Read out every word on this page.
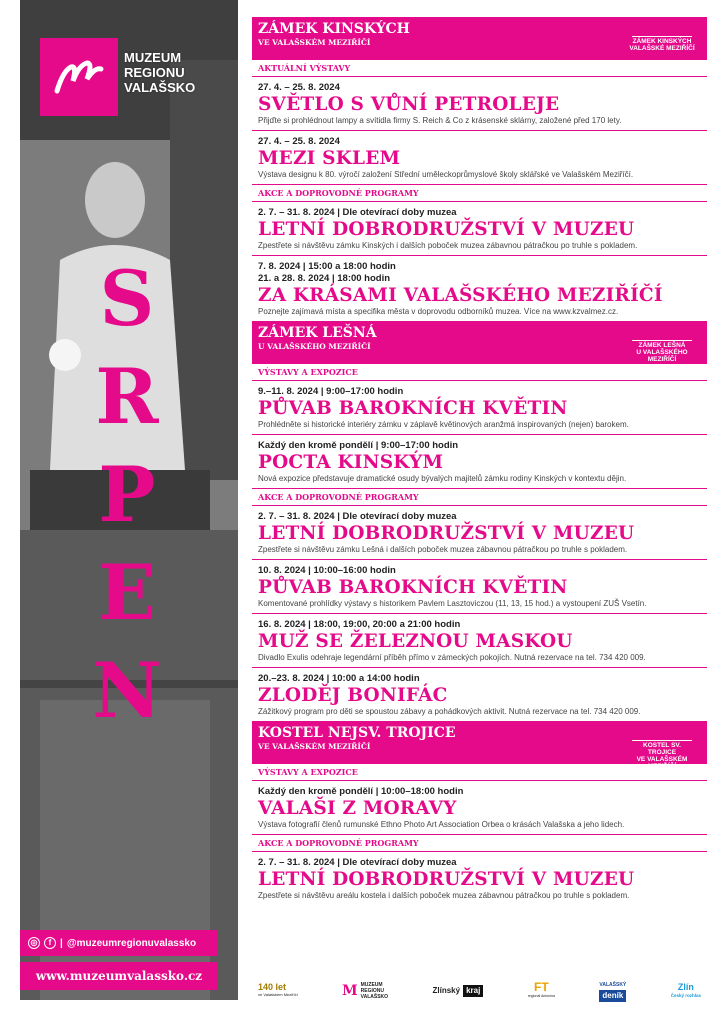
MUZEUM
REGIONU
VALAŠSKO
S
R
P
E
N
◎	f | @muzeumregionuvalassko
www.muzeumvalassko.cz
ZÁMEK KINSKÝCH
VE VALAŠSKÉM MEZIŘÍČÍ	ZÁMEK KINSKÝCH
VALAŠSKÉ MEZIŘÍČÍ
AKTUÁLNÍ VÝSTAVY
27. 4. – 25. 8. 2024
SVĚTLO S VŮNÍ PETROLEJE
Přijďte si prohlédnout lampy a svítidla firmy S. Reich & Co z krásenské sklárny, založené před 170 lety.
27. 4. – 25. 8. 2024
MEZI SKLEM
Výstava designu k 80. výročí založení Střední uměleckoprůmyslové školy sklářské ve Valašském Meziříčí.
AKCE A DOPROVODNÉ PROGRAMY
2. 7. – 31. 8. 2024 | Dle otevírací doby muzea
LETNÍ DOBRODRUŽSTVÍ V MUZEU
Zpestřete si návštěvu zámku Kinských i dalších poboček muzea zábavnou pátračkou po truhle s pokladem.
7. 8. 2024 | 15:00 a 18:00 hodin
21. a 28. 8. 2024 | 18:00 hodin
ZA KRÁSAMI VALAŠSKÉHO MEZIŘÍČÍ
Poznejte zajímavá místa a specifika města v doprovodu odborníků muzea. Více na www.kzvalmez.cz.
ZÁMEK LEŠNÁ
U VALAŠSKÉHO MEZIŘÍČÍ	ZÁMEK LEŠNÁ
U VALAŠSKÉHO MEZIŘÍČÍ
VÝSTAVY A EXPOZICE
9.–11. 8. 2024 | 9:00–17:00 hodin
PŮVAB BAROKNÍCH KVĚTIN
Prohlédněte si historické interiéry zámku v záplavě květinových aranžmá inspirovaných (nejen) barokem.
Každý den kromě pondělí | 9:00–17:00 hodin
POCTA KINSKÝM
Nová expozice představuje dramatické osudy bývalých majitelů zámku rodiny Kinských v kontextu dějin.
AKCE A DOPROVODNÉ PROGRAMY
2. 7. – 31. 8. 2024 | Dle otevírací doby muzea
LETNÍ DOBRODRUŽSTVÍ V MUZEU
Zpestřete si návštěvu zámku Lešná i dalších poboček muzea zábavnou pátračkou po truhle s pokladem.
10. 8. 2024 | 10:00–16:00 hodin
PŮVAB BAROKNÍCH KVĚTIN
Komentované prohlídky výstavy s historikem Pavlem Lasztoviczou (11, 13, 15 hod.) a vystoupení ZUŠ Vsetín.
16. 8. 2024 | 18:00, 19:00, 20:00 a 21:00 hodin
MUŽ SE ŽELEZNOU MASKOU
Divadlo Exulis odehraje legendární příběh přímo v zámeckých pokojích. Nutná rezervace na tel. 734 420 009.
20.–23. 8. 2024 | 10:00 a 14:00 hodin
ZLODĚJ BONIFÁC
Zážitkový program pro děti se spoustou zábavy a pohádkových aktivit. Nutná rezervace na tel. 734 420 009.
KOSTEL NEJSV. TROJICE
VE VALAŠSKÉM MEZIŘÍČÍ	KOSTEL SV. TROJICE
VE VALAŠSKÉM MEZIŘÍČÍ
VÝSTAVY A EXPOZICE
Každý den kromě pondělí | 10:00–18:00 hodin
VALAŠI Z MORAVY
Výstava fotografií členů rumunské Ethno Photo Art Association Orbea o krásách Valašska a jeho lidech.
AKCE A DOPROVODNÉ PROGRAMY
2. 7. – 31. 8. 2024 | Dle otevírací doby muzea
LETNÍ DOBRODRUŽSTVÍ V MUZEU
Zpestřete si návštěvu areálu kostela i dalších poboček muzea zábavnou pátračkou po truhle s pokladem.
140 let
ve Valašském Meziříčí	M MUZEUM
REGIONU
VALAŠSKO
Zlínský kraj	FT
regionál Antonína
VALAŠSKÝ
deník
Zlín
Český rozhlas
